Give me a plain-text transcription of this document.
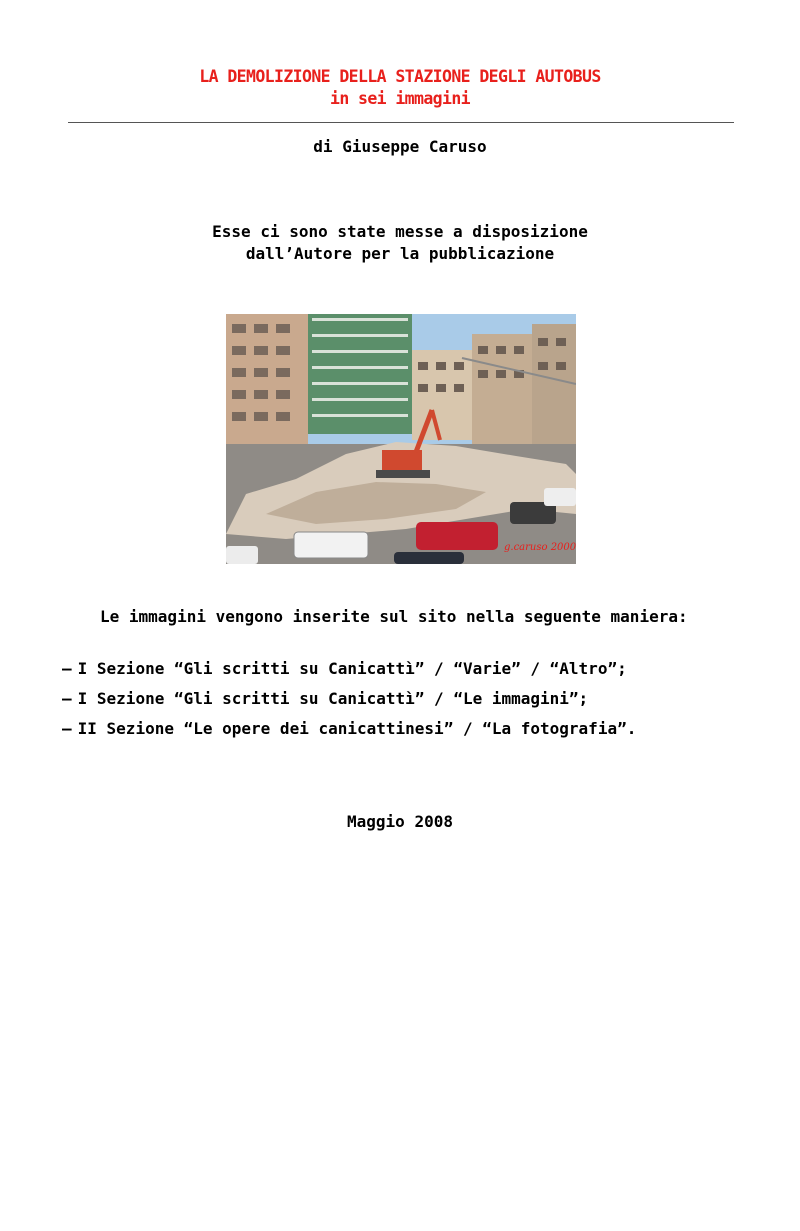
LA DEMOLIZIONE DELLA STAZIONE DEGLI AUTOBUS
in sei immagini
di Giuseppe Caruso
Esse ci sono state messe a disposizione
dall’Autore per la pubblicazione
g.caruso 2000
Le immagini vengono inserite sul sito nella seguente maniera:
– I Sezione “Gli scritti su Canicattì” / “Varie” / “Altro”;
– I Sezione “Gli scritti su Canicattì” / “Le immagini”;
– II Sezione “Le opere dei canicattinesi” / “La fotografia”.
Maggio 2008
